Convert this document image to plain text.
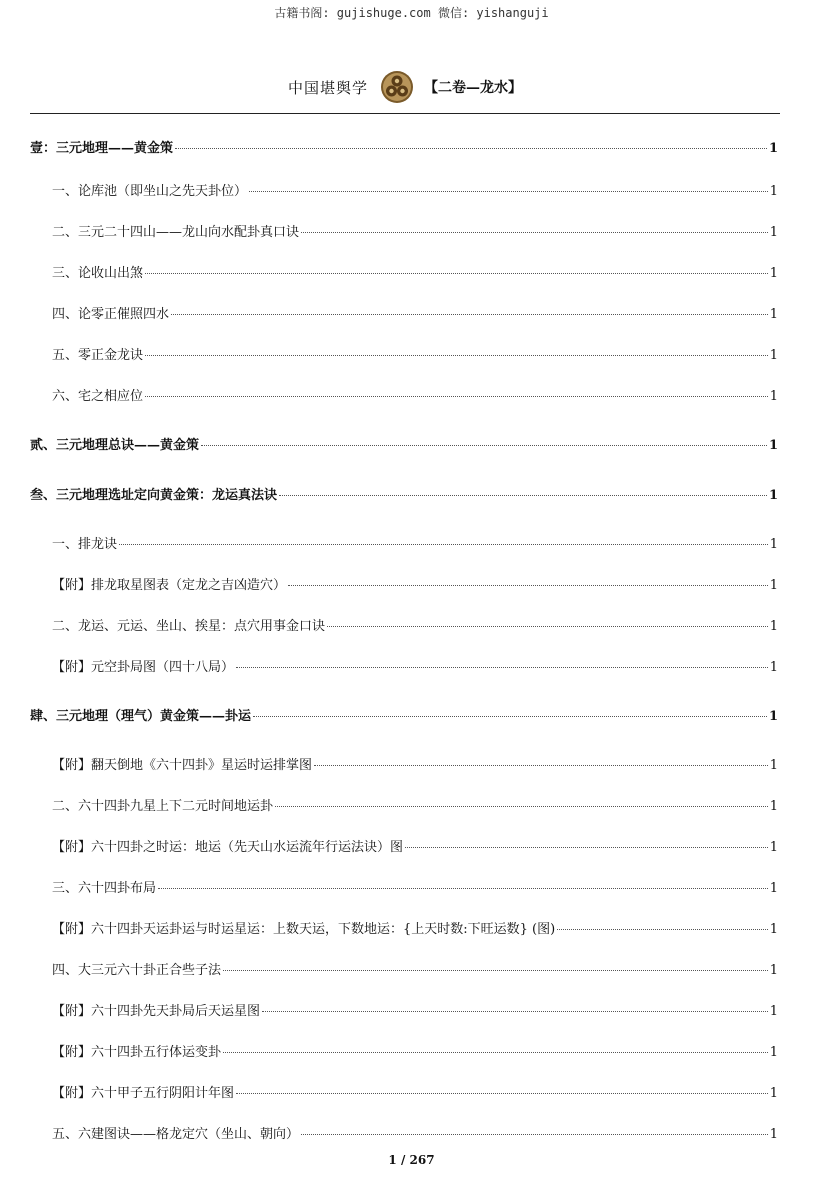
古籍书阁: gujishuge.com 微信: yishanguji
中国堪舆学	【二卷—龙水】
壹：三元地理——黄金策	1
一、论库池（即坐山之先天卦位）	1
二、三元二十四山——龙山向水配卦真口诀	1
三、论收山出煞	1
四、论零正催照四水	1
五、零正金龙诀	1
六、宅之相应位	1
贰、三元地理总诀——黄金策	1
叁、三元地理选址定向黄金策：龙运真法诀	1
一、排龙诀	1
【附】排龙取星图表（定龙之吉凶造穴）	1
二、龙运、元运、坐山、挨星：点穴用事金口诀	1
【附】元空卦局图（四十八局）	1
肆、三元地理（理气）黄金策——卦运	1
【附】翻天倒地《六十四卦》星运时运排掌图	1
二、六十四卦九星上下二元时间地运卦	1
【附】六十四卦之时运：地运（先天山水运流年行运法诀）图	1
三、六十四卦布局	1
【附】六十四卦天运卦运与时运星运：上数天运，下数地运：{上天时数:下旺运数} (图)	1
四、大三元六十卦正合些子法	1
【附】六十四卦先天卦局后天运星图	1
【附】六十四卦五行体运变卦	1
【附】六十甲子五行阴阳计年图	1
五、六建图诀——格龙定穴（坐山、朝向）	1
1 / 267
